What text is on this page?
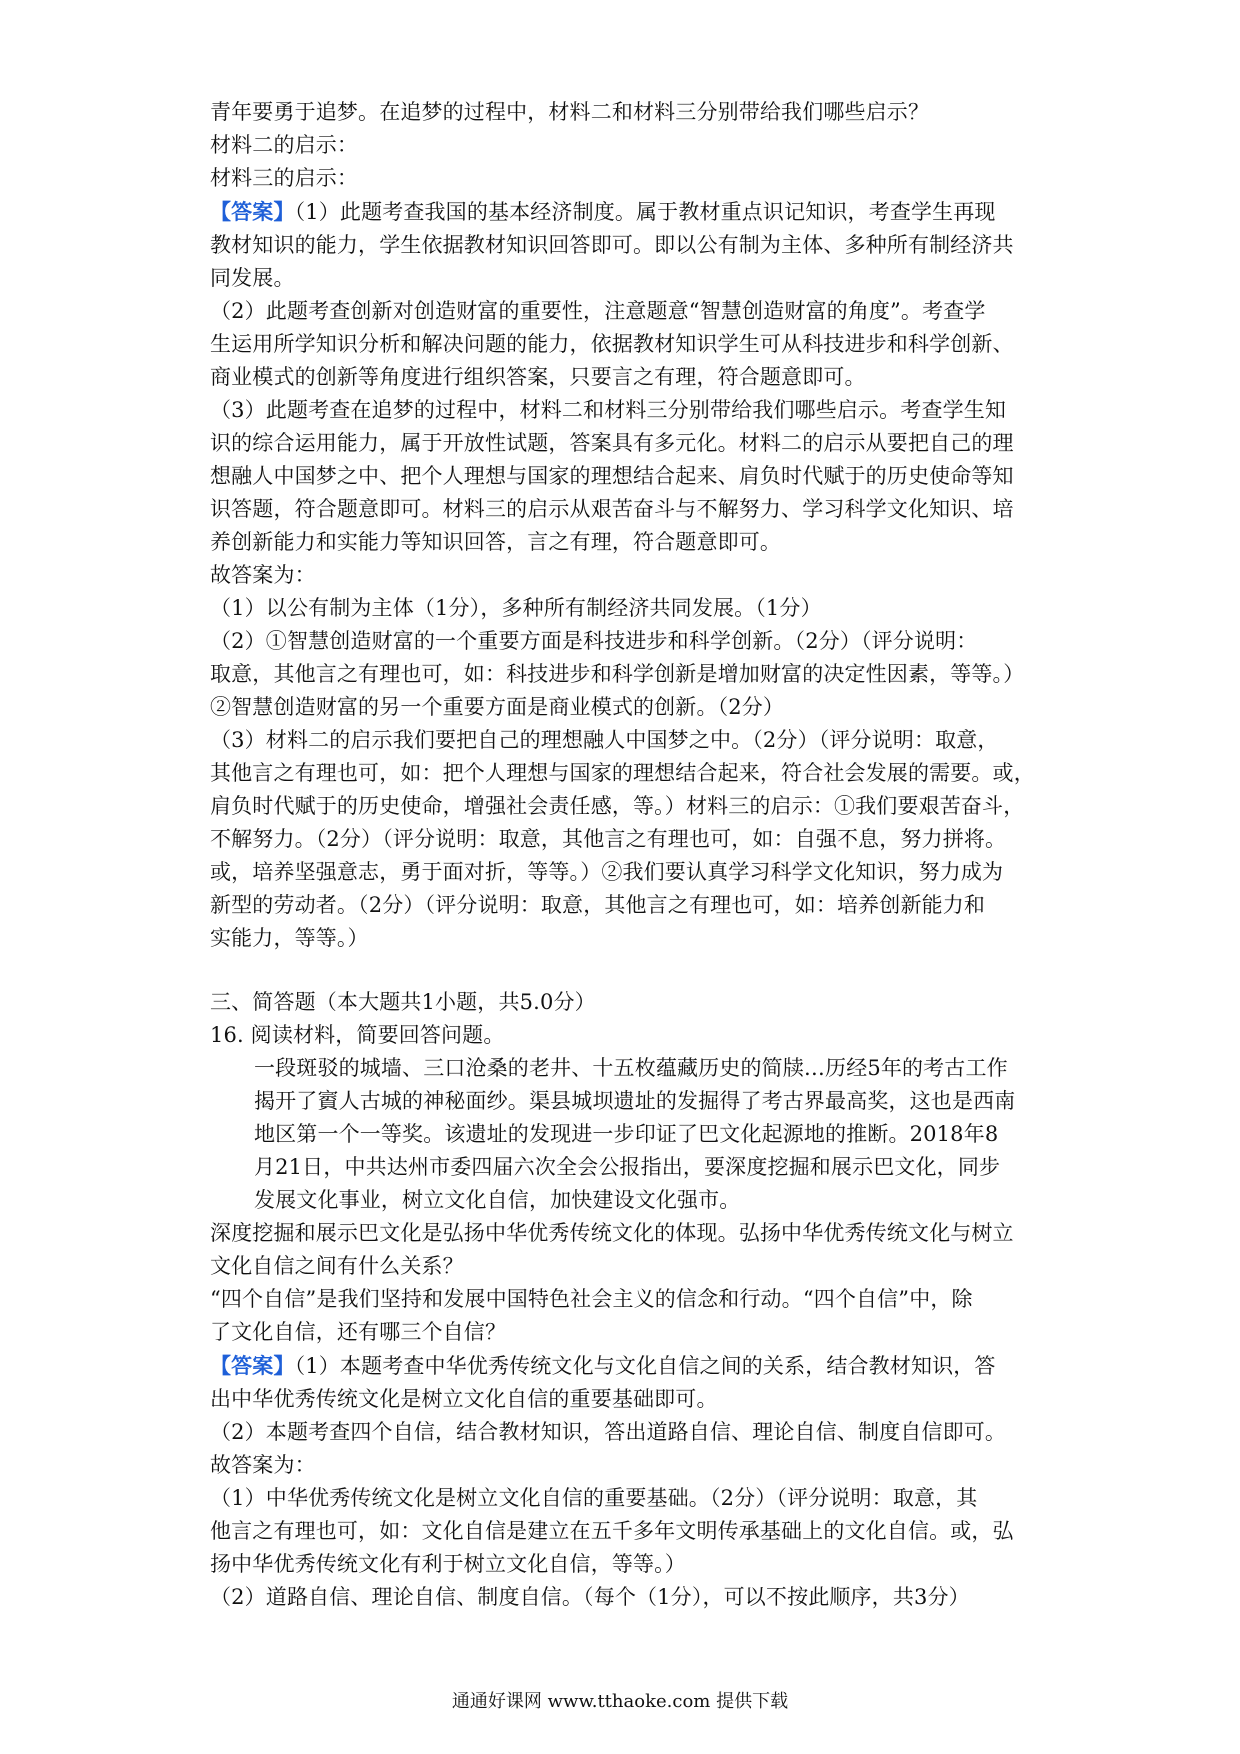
青年要勇于追梦。在追梦的过程中，材料二和材料三分别带给我们哪些启示？
材料二的启示：
材料三的启示：
【答案】（1）此题考查我国的基本经济制度。属于教材重点识记知识，考查学生再现
教材知识的能力，学生依据教材知识回答即可。即以公有制为主体、多种所有制经济共
同发展。
（2）此题考查创新对创造财富的重要性，注意题意“智慧创造财富的角度”。考查学
生运用所学知识分析和解决问题的能力，依据教材知识学生可从科技进步和科学创新、
商业模式的创新等角度进行组织答案，只要言之有理，符合题意即可。
（3）此题考查在追梦的过程中，材料二和材料三分别带给我们哪些启示。考查学生知
识的综合运用能力，属于开放性试题，答案具有多元化。材料二的启示从要把自己的理
想融人中国梦之中、把个人理想与国家的理想结合起来、肩负时代赋于的历史使命等知
识答题，符合题意即可。材料三的启示从艰苦奋斗与不解努力、学习科学文化知识、培
养创新能力和实能力等知识回答，言之有理，符合题意即可。
故答案为：
（1）以公有制为主体（1分），多种所有制经济共同发展。（1分）
（2）①智慧创造财富的一个重要方面是科技进步和科学创新。（2分）（评分说明：
取意，其他言之有理也可，如：科技进步和科学创新是增加财富的决定性因素，等等。）
②智慧创造财富的另一个重要方面是商业模式的创新。（2分）
（3）材料二的启示我们要把自己的理想融人中国梦之中。（2分）（评分说明：取意，
其他言之有理也可，如：把个人理想与国家的理想结合起来，符合社会发展的需要。或，
肩负时代赋于的历史使命，增强社会责任感，等。）材料三的启示：①我们要艰苦奋斗，
不解努力。（2分）（评分说明：取意，其他言之有理也可，如：自强不息，努力拼将。
或，培养坚强意志，勇于面对折，等等。）②我们要认真学习科学文化知识，努力成为
新型的劳动者。（2分）（评分说明：取意，其他言之有理也可，如：培养创新能力和
实能力，等等。）
三、简答题（本大题共1小题，共5.0分）
16. 阅读材料，简要回答问题。
一段斑驳的城墙、三口沧桑的老井、十五枚蕴藏历史的简牍…历经5年的考古工作
揭开了賨人古城的神秘面纱。渠县城坝遗址的发掘得了考古界最高奖，这也是西南
地区第一个一等奖。该遗址的发现进一步印证了巴文化起源地的推断。2018年8
月21日，中共达州市委四届六次全会公报指出，要深度挖掘和展示巴文化，同步
发展文化事业，树立文化自信，加快建设文化强市。
深度挖掘和展示巴文化是弘扬中华优秀传统文化的体现。弘扬中华优秀传统文化与树立
文化自信之间有什么关系？
“四个自信”是我们坚持和发展中国特色社会主义的信念和行动。“四个自信”中，除
了文化自信，还有哪三个自信？
【答案】（1）本题考查中华优秀传统文化与文化自信之间的关系，结合教材知识，答
出中华优秀传统文化是树立文化自信的重要基础即可。
（2）本题考查四个自信，结合教材知识，答出道路自信、理论自信、制度自信即可。
故答案为：
（1）中华优秀传统文化是树立文化自信的重要基础。（2分）（评分说明：取意，其
他言之有理也可，如：文化自信是建立在五千多年文明传承基础上的文化自信。或，弘
扬中华优秀传统文化有利于树立文化自信，等等。）
（2）道路自信、理论自信、制度自信。（每个（1分），可以不按此顺序，共3分）
通通好课网 www.tthaoke.com 提供下载
